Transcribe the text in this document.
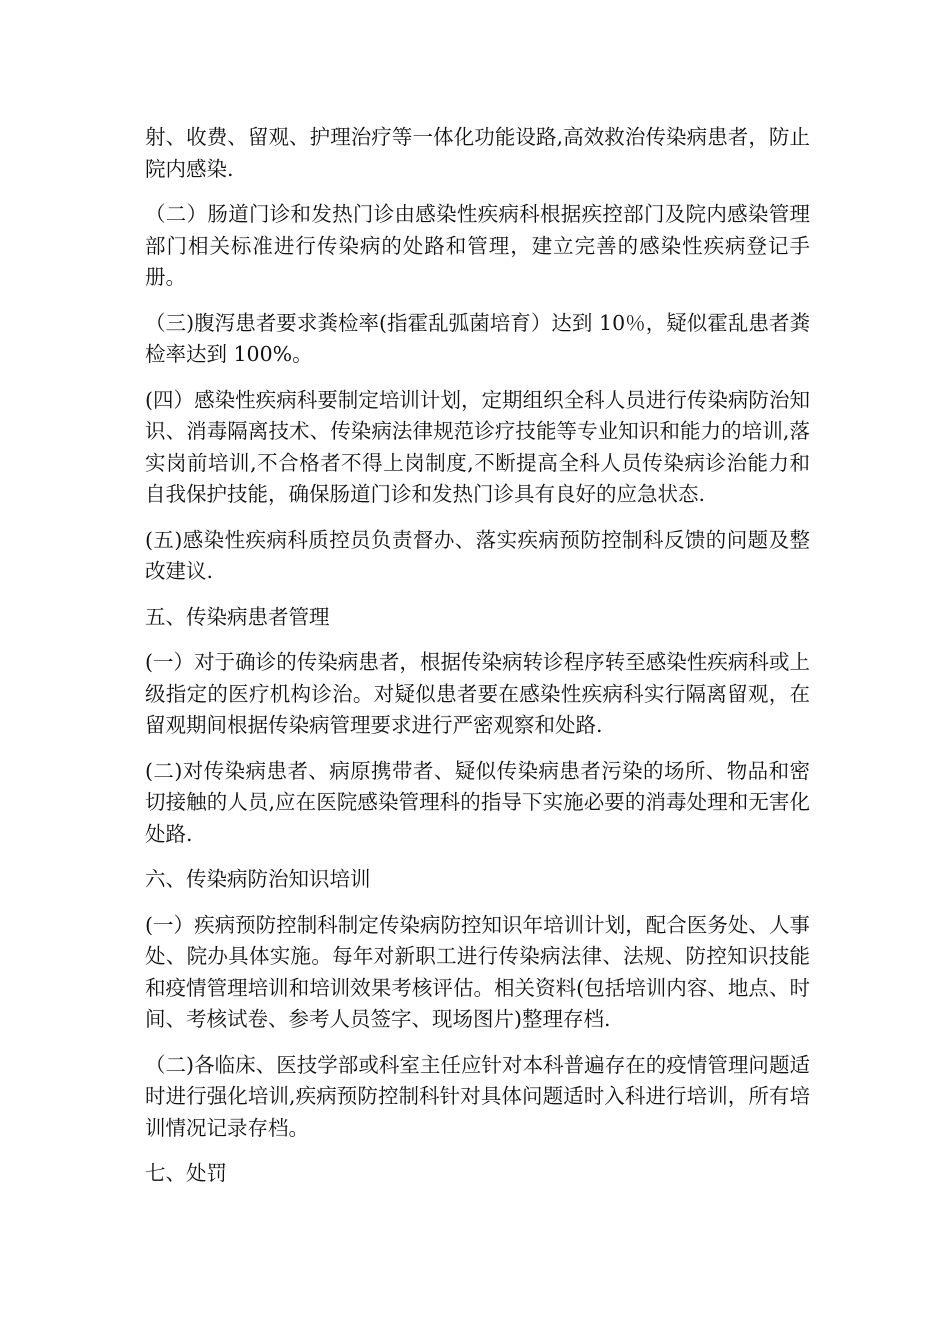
射、收费、留观、护理治疗等一体化功能设路,高效救治传染病患者，防止院内感染.

（二）肠道门诊和发热门诊由感染性疾病科根据疾控部门及院内感染管理部门相关标准进行传染病的处路和管理，建立完善的感染性疾病登记手册。

（三)腹泻患者要求粪检率(指霍乱弧菌培育）达到 10％，疑似霍乱患者粪检率达到 100%。

(四）感染性疾病科要制定培训计划，定期组织全科人员进行传染病防治知识、消毒隔离技术、传染病法律规范诊疗技能等专业知识和能力的培训,落实岗前培训,不合格者不得上岗制度,不断提高全科人员传染病诊治能力和自我保护技能，确保肠道门诊和发热门诊具有良好的应急状态.

(五)感染性疾病科质控员负责督办、落实疾病预防控制科反馈的问题及整改建议.

五、传染病患者管理

(一）对于确诊的传染病患者，根据传染病转诊程序转至感染性疾病科或上级指定的医疗机构诊治。对疑似患者要在感染性疾病科实行隔离留观，在留观期间根据传染病管理要求进行严密观察和处路.

(二)对传染病患者、病原携带者、疑似传染病患者污染的场所、物品和密切接触的人员,应在医院感染管理科的指导下实施必要的消毒处理和无害化处路.

六、传染病防治知识培训

(一）疾病预防控制科制定传染病防控知识年培训计划，配合医务处、人事处、院办具体实施。每年对新职工进行传染病法律、法规、防控知识技能和疫情管理培训和培训效果考核评估。相关资料(包括培训内容、地点、时间、考核试卷、参考人员签字、现场图片)整理存档.

（二)各临床、医技学部或科室主任应针对本科普遍存在的疫情管理问题适时进行强化培训,疾病预防控制科针对具体问题适时入科进行培训，所有培训情况记录存档。

七、处罚
